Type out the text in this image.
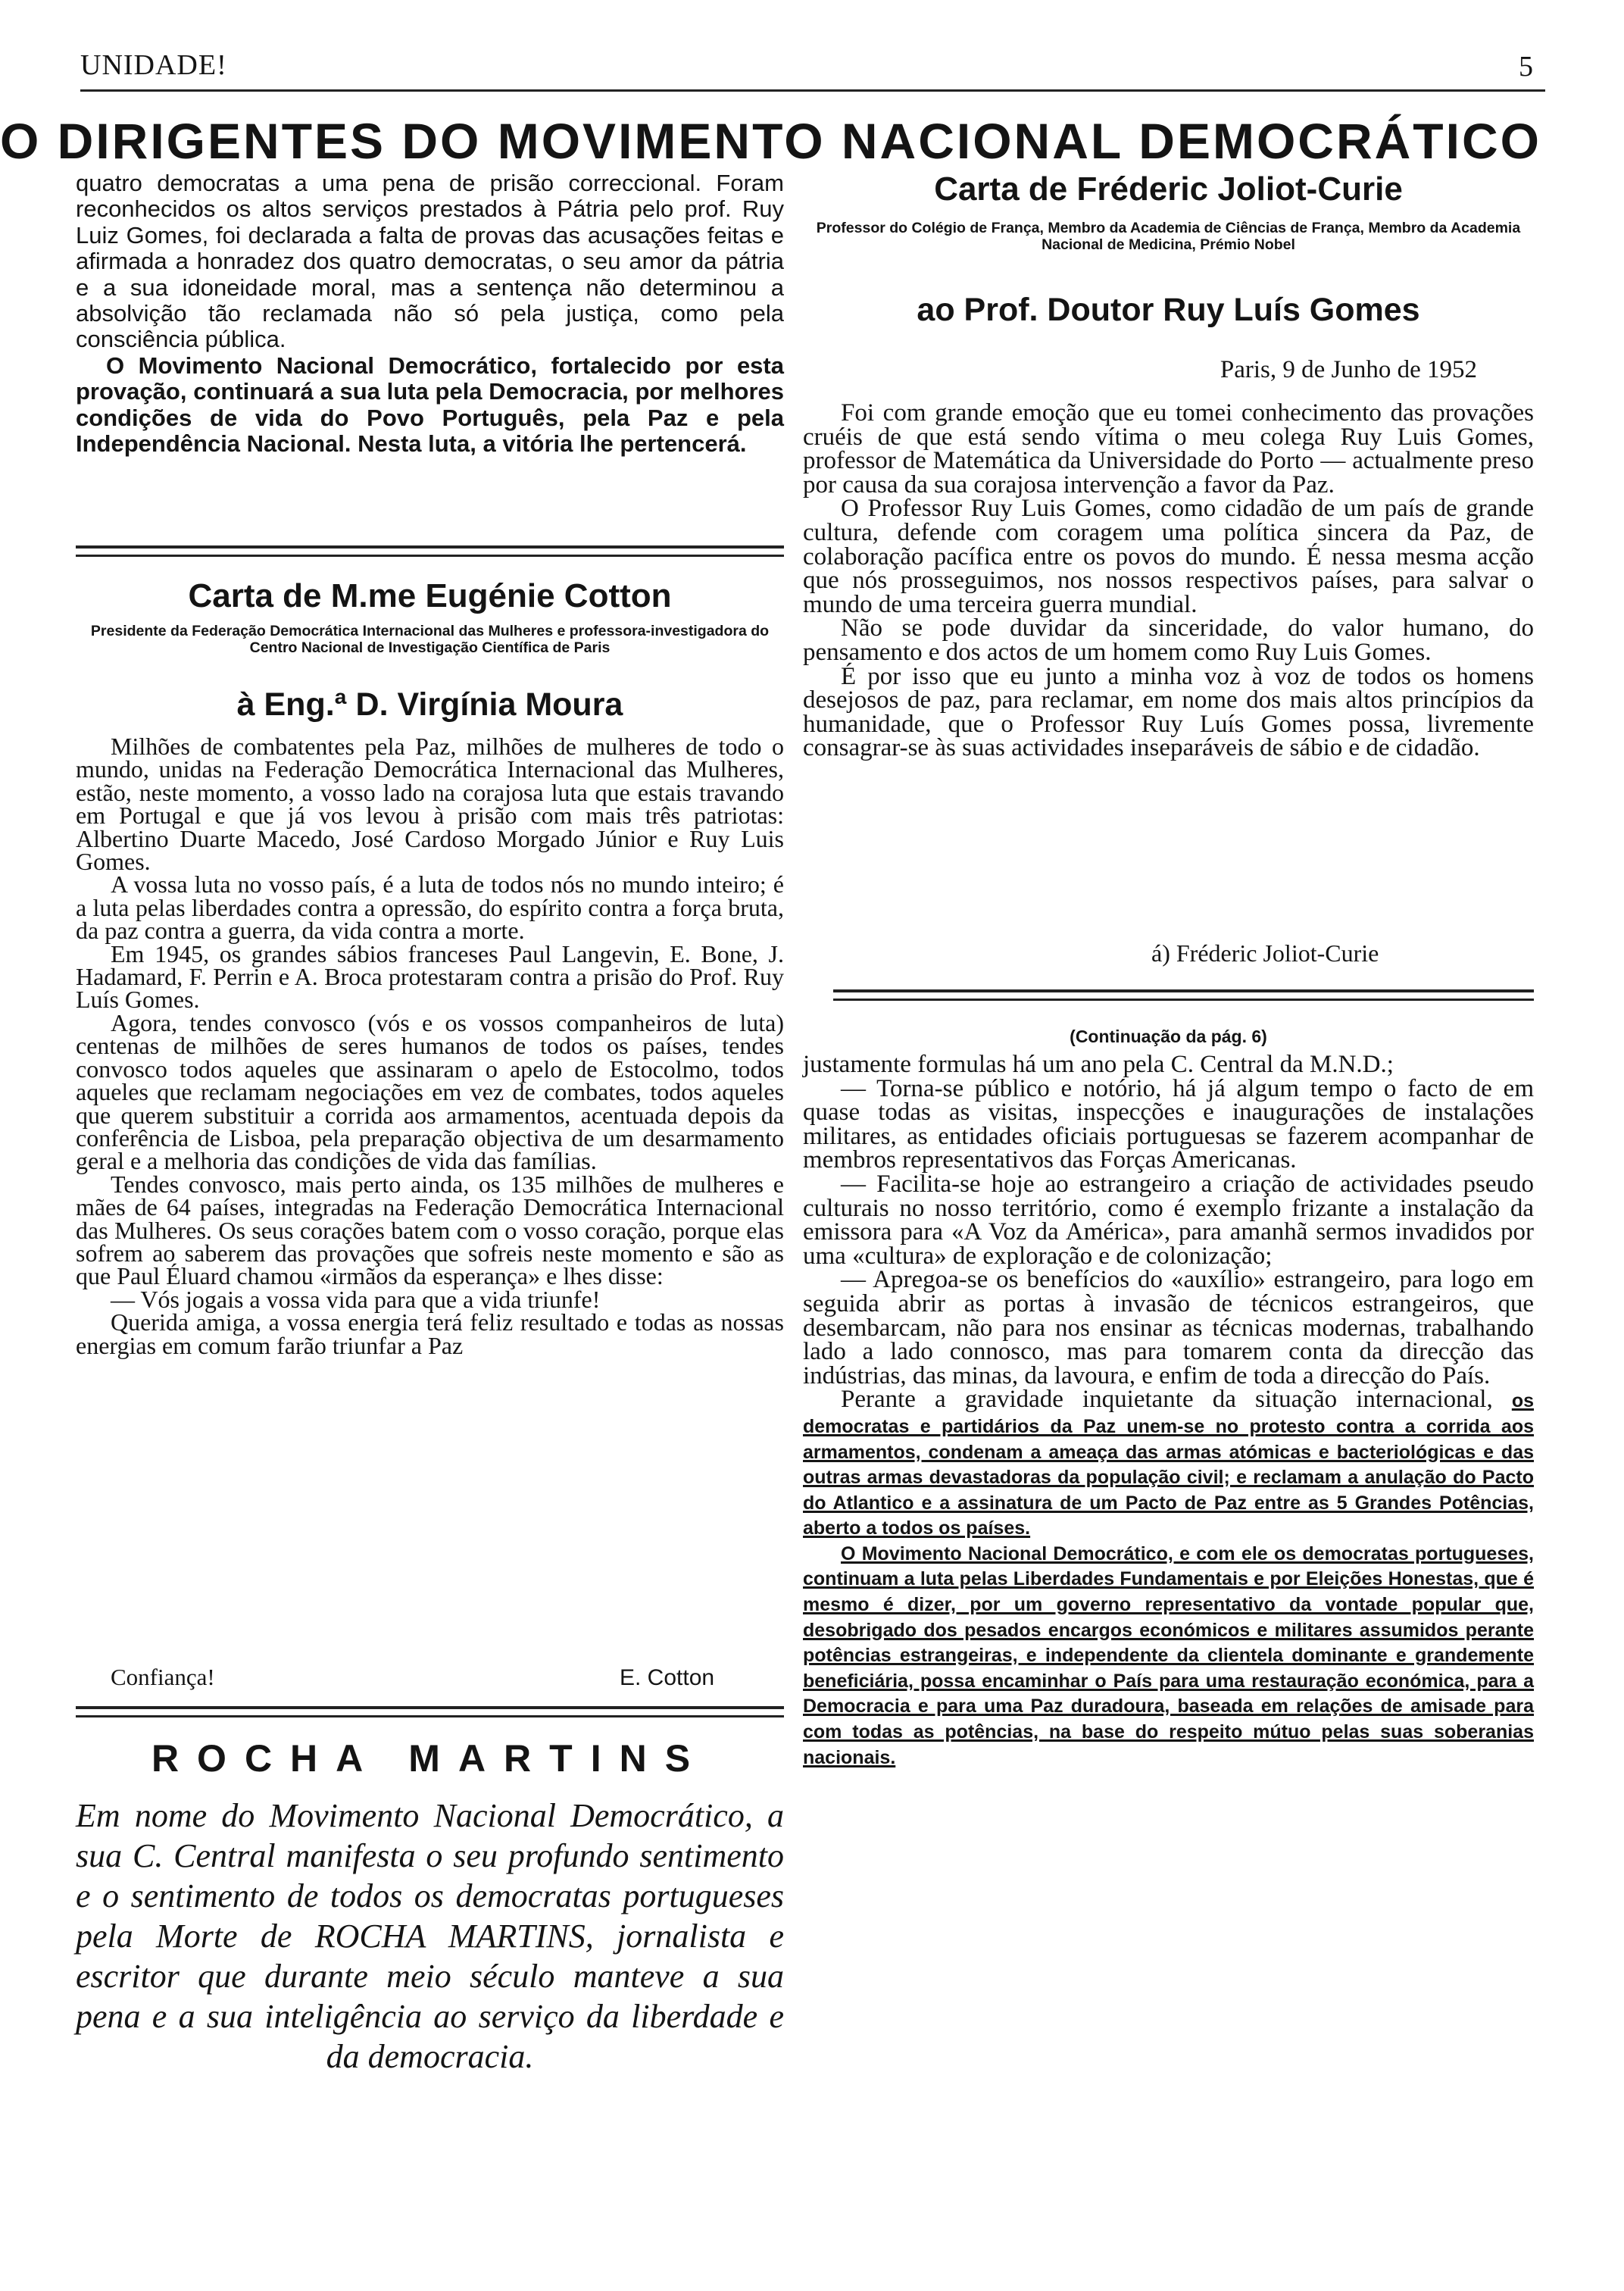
UNIDADE!	5
O DIRIGENTES DO MOVIMENTO NACIONAL DEMOCRÁTICO

quatro democratas a uma pena de prisão correccional. Foram reconhecidos os altos serviços prestados à Pátria pelo prof. Ruy Luiz Gomes, foi declarada a falta de provas das acusações feitas e afirmada a honradez dos quatro democratas, o seu amor da pátria e a sua idoneidade moral, mas a sentença não determinou a absolvição tão reclamada não só pela justiça, como pela consciência pública.

O Movimento Nacional Democrático, fortalecido por esta provação, continuará a sua luta pela Democracia, por melhores condições de vida do Povo Português, pela Paz e pela Independência Nacional. Nesta luta, a vitória lhe pertencerá.

Carta de M.me Eugénie Cotton
Presidente da Federação Democrática Internacional das Mulheres e professora-investigadora do Centro Nacional de Investigação Científica de Paris
à Eng.ª D. Virgínia Moura

Milhões de combatentes pela Paz, milhões de mulheres de todo o mundo, unidas na Federação Democrática Internacional das Mulheres, estão, neste momento, a vosso lado na corajosa luta que estais travando em Portugal e que já vos levou à prisão com mais três patriotas: Albertino Duarte Macedo, José Cardoso Morgado Júnior e Ruy Luis Gomes.

A vossa luta no vosso país, é a luta de todos nós no mundo inteiro; é a luta pelas liberdades contra a opressão, do espírito contra a força bruta, da paz contra a guerra, da vida contra a morte.

Em 1945, os grandes sábios franceses Paul Langevin, E. Bone, J. Hadamard, F. Perrin e A. Broca protestaram contra a prisão do Prof. Ruy Luís Gomes.

Agora, tendes convosco (vós e os vossos companheiros de luta) centenas de milhões de seres humanos de todos os países, tendes convosco todos aqueles que assinaram o apelo de Estocolmo, todos aqueles que reclamam negociações em vez de combates, todos aqueles que querem substituir a corrida aos armamentos, acentuada depois da conferência de Lisboa, pela preparação objectiva de um desarmamento geral e a melhoria das condições de vida das famílias.

Tendes convosco, mais perto ainda, os 135 milhões de mulheres e mães de 64 países, integradas na Federação Democrática Internacional das Mulheres. Os seus corações batem com o vosso coração, porque elas sofrem ao saberem das provações que sofreis neste momento e são as que Paul Éluard chamou «irmãos da esperança» e lhes disse:

— Vós jogais a vossa vida para que a vida triunfe!

Querida amiga, a vossa energia terá feliz resultado e todas as nossas energias em comum farão triunfar a Paz

Confiança!	E. Cotton
ROCHA MARTINS
Em nome do Movimento Nacional Democrático, a sua C. Central manifesta o seu profundo sentimento e o sentimento de todos os democratas portugueses pela Morte de ROCHA MARTINS, jornalista e escritor que durante meio século manteve a sua pena e a sua inteligência ao serviço da liberdade e da democracia.
Carta de Fréderic Joliot-Curie
Professor do Colégio de França, Membro da Academia de Ciências de França, Membro da Academia Nacional de Medicina, Prémio Nobel
ao Prof. Doutor Ruy Luís Gomes
Paris, 9 de Junho de 1952

Foi com grande emoção que eu tomei conhecimento das provações cruéis de que está sendo vítima o meu colega Ruy Luis Gomes, professor de Matemática da Universidade do Porto — actualmente preso por causa da sua corajosa intervenção a favor da Paz.

O Professor Ruy Luis Gomes, como cidadão de um país de grande cultura, defende com coragem uma política sincera da Paz, de colaboração pacífica entre os povos do mundo. É nessa mesma acção que nós prosseguimos, nos nossos respectivos países, para salvar o mundo de uma terceira guerra mundial.

Não se pode duvidar da sinceridade, do valor humano, do pensamento e dos actos de um homem como Ruy Luis Gomes.

É por isso que eu junto a minha voz à voz de todos os homens desejosos de paz, para reclamar, em nome dos mais altos princípios da humanidade, que o Professor Ruy Luís Gomes possa, livremente consagrar-se às suas actividades inseparáveis de sábio e de cidadão.

á) Fréderic Joliot-Curie
(Continuação da pág. 6)

justamente formulas há um ano pela C. Central da M.N.D.;

— Torna-se público e notório, há já algum tempo o facto de em quase todas as visitas, inspecções e inaugurações de instalações militares, as entidades oficiais portuguesas se fazerem acompanhar de membros representativos das Forças Americanas.

— Facilita-se hoje ao estrangeiro a criação de actividades pseudo culturais no nosso território, como é exemplo frizante a instalação da emissora para «A Voz da América», para amanhã sermos invadidos por uma «cultura» de exploração e de colonização;

— Apregoa-se os benefícios do «auxílio» estrangeiro, para logo em seguida abrir as portas à invasão de técnicos estrangeiros, que desembarcam, não para nos ensinar as técnicas modernas, trabalhando lado a lado connosco, mas para tomarem conta da direcção das indústrias, das minas, da lavoura, e enfim de toda a direcção do País.

Perante a gravidade inquietante da situação internacional, os democratas e partidários da Paz unem-se no protesto contra a corrida aos armamentos, condenam a ameaça das armas atómicas e bacteriológicas e das outras armas devastadoras da população civil; e reclamam a anulação do Pacto do Atlantico e a assinatura de um Pacto de Paz entre as 5 Grandes Potências, aberto a todos os países.

O Movimento Nacional Democrático, e com ele os democratas portugueses, continuam a luta pelas Liberdades Fundamentais e por Eleições Honestas, que é mesmo é dizer, por um governo representativo da vontade popular que, desobrigado dos pesados encargos económicos e militares assumidos perante potências estrangeiras, e independente da clientela dominante e grandemente beneficiária, possa encaminhar o País para uma restauração económica, para a Democracia e para uma Paz duradoura, baseada em relações de amisade para com todas as potências, na base do respeito mútuo pelas suas soberanias nacionais.
